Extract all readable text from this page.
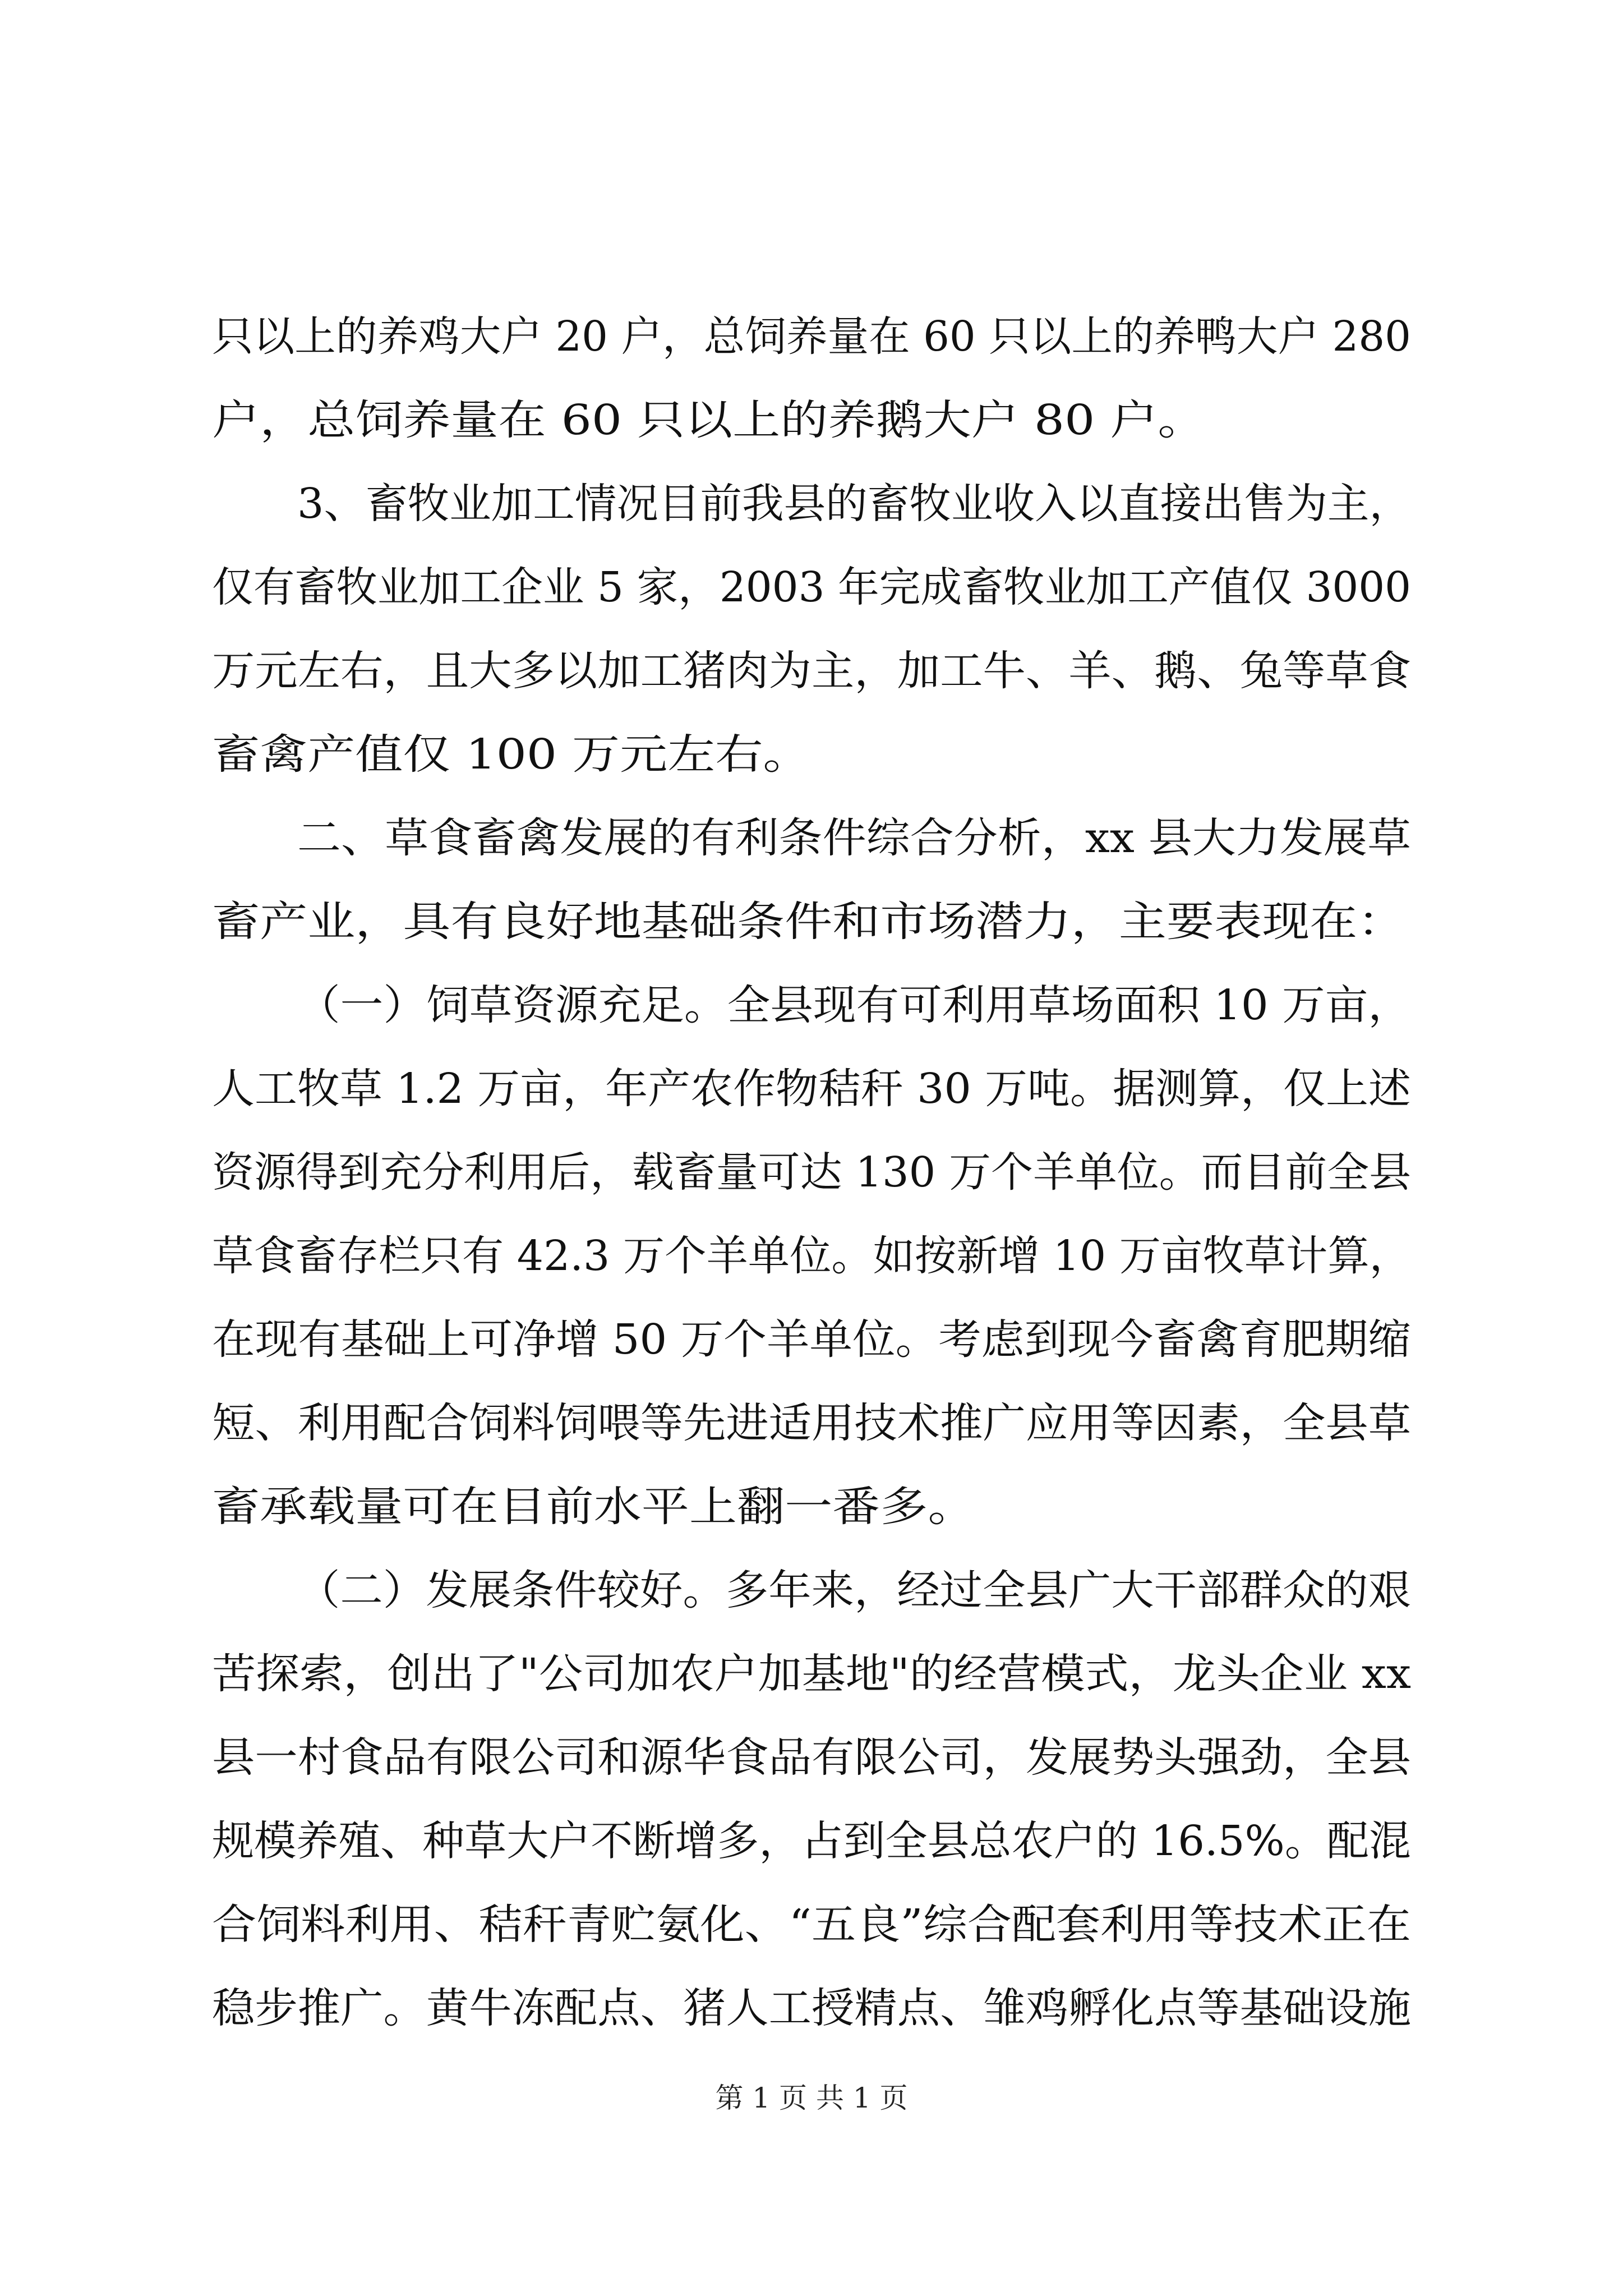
只以上的养鸡大户 20 户，总饲养量在 60 只以上的养鸭大户 280
户，总饲养量在 60 只以上的养鹅大户 80 户。
3、畜牧业加工情况目前我县的畜牧业收入以直接出售为主，
仅有畜牧业加工企业 5 家，2003 年完成畜牧业加工产值仅 3000
万元左右，且大多以加工猪肉为主，加工牛、羊、鹅、兔等草食
畜禽产值仅 100 万元左右。
二、草食畜禽发展的有利条件综合分析，xx 县大力发展草
畜产业，具有良好地基础条件和市场潜力，主要表现在：
（一）饲草资源充足。全县现有可利用草场面积 10 万亩，
人工牧草 1.2 万亩，年产农作物秸秆 30 万吨。据测算，仅上述
资源得到充分利用后，载畜量可达 130 万个羊单位。而目前全县
草食畜存栏只有 42.3 万个羊单位。如按新增 10 万亩牧草计算，
在现有基础上可净增 50 万个羊单位。考虑到现今畜禽育肥期缩
短、利用配合饲料饲喂等先进适用技术推广应用等因素，全县草
畜承载量可在目前水平上翻一番多。
（二）发展条件较好。多年来，经过全县广大干部群众的艰
苦探索，创出了"公司加农户加基地"的经营模式，龙头企业 xx
县一村食品有限公司和源华食品有限公司，发展势头强劲，全县
规模养殖、种草大户不断增多，占到全县总农户的 16.5%。配混
合饲料利用、秸秆青贮氨化、“五良”综合配套利用等技术正在
稳步推广。黄牛冻配点、猪人工授精点、雏鸡孵化点等基础设施
第 1 页 共 1 页
